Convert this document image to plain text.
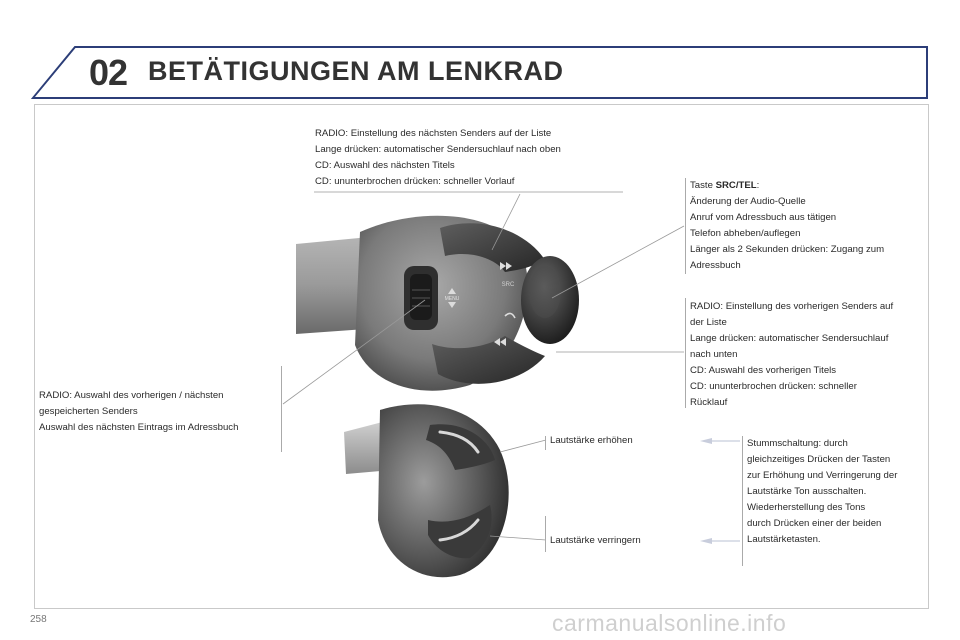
02 BETÄTIGUNGEN AM LENKRAD
MENU
SRC
RADIO: Einstellung des nächsten Senders auf der Liste
Lange drücken: automatischer Sendersuchlauf nach oben
CD: Auswahl des nächsten Titels
CD: ununterbrochen drücken: schneller Vorlauf	Taste SRC/TEL:
Änderung der Audio-Quelle
Anruf vom Adressbuch aus tätigen
Telefon abheben/auflegen
Länger als 2 Sekunden drücken: Zugang zum
Adressbuch
RADIO: Einstellung des vorherigen Senders auf
der Liste
Lange drücken: automatischer Sendersuchlauf
nach unten
CD: Auswahl des vorherigen Titels
CD: ununterbrochen drücken: schneller
Rücklauf
RADIO: Auswahl des vorherigen / nächsten
gespeicherten Senders
Auswahl des nächsten Eintrags im Adressbuch
Lautstärke erhöhen
Lautstärke verringern
Stummschaltung: durch
gleichzeitiges Drücken der Tasten
zur Erhöhung und Verringerung der
Lautstärke Ton ausschalten.
Wiederherstellung des Tons
durch Drücken einer der beiden
Lautstärketasten.
258	carmanualsonline.info
